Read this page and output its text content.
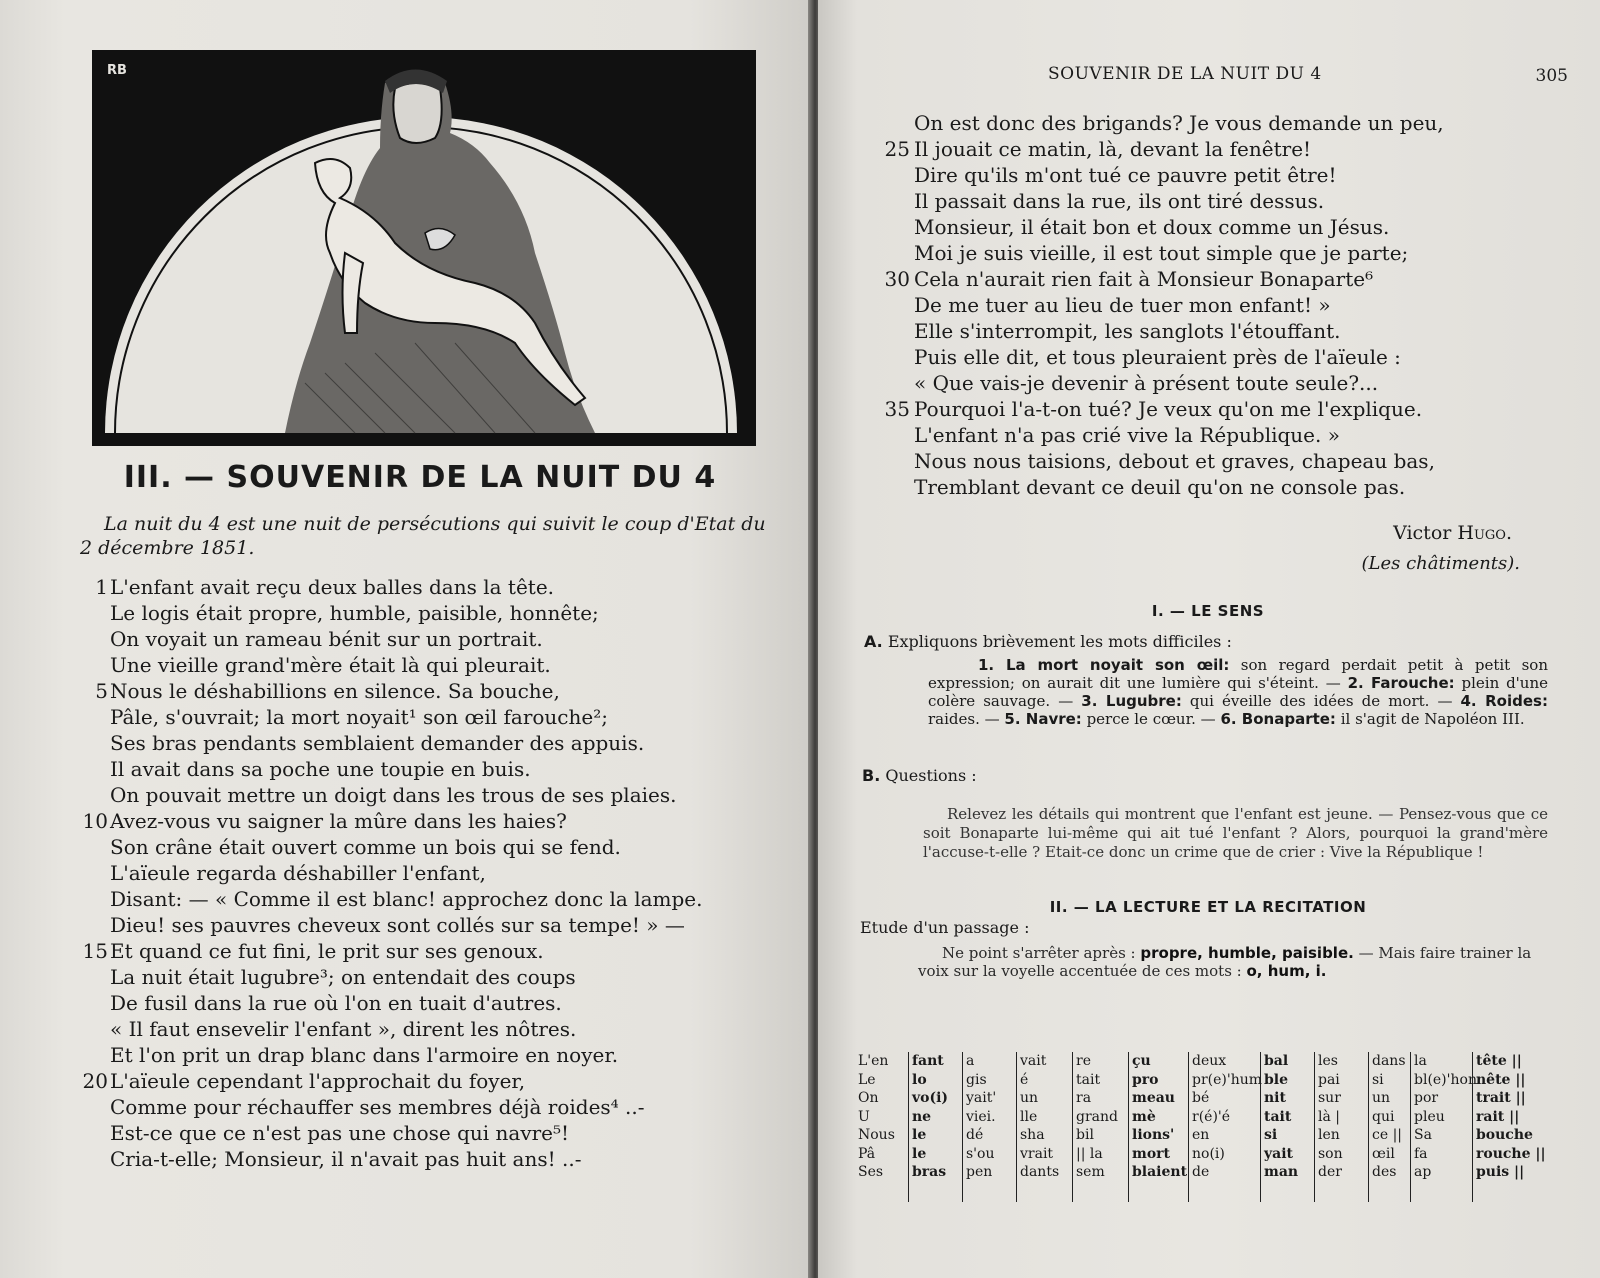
RB
III. — SOUVENIR DE LA NUIT DU 4
La nuit du 4 est une nuit de persécutions qui suivit le coup d'Etat du 2 décembre 1851.
1 L'enfant avait reçu deux balles dans la tête.
Le logis était propre, humble, paisible, honnête;
On voyait un rameau bénit sur un portrait.
Une vieille grand'mère était là qui pleurait.
5 Nous le déshabillions en silence. Sa bouche,
Pâle, s'ouvrait; la mort noyait¹ son œil farouche²;
Ses bras pendants semblaient demander des appuis.
Il avait dans sa poche une toupie en buis.
On pouvait mettre un doigt dans les trous de ses plaies.
10 Avez-vous vu saigner la mûre dans les haies?
Son crâne était ouvert comme un bois qui se fend.
L'aïeule regarda déshabiller l'enfant,
Disant: — « Comme il est blanc! approchez donc la lampe.
Dieu! ses pauvres cheveux sont collés sur sa tempe! » —
15 Et quand ce fut fini, le prit sur ses genoux.
La nuit était lugubre³; on entendait des coups
De fusil dans la rue où l'on en tuait d'autres.
« Il faut ensevelir l'enfant », dirent les nôtres.
Et l'on prit un drap blanc dans l'armoire en noyer.
20 L'aïeule cependant l'approchait du foyer,
Comme pour réchauffer ses membres déjà roides⁴ ..-
Est-ce que ce n'est pas une chose qui navre⁵!
Cria-t-elle; Monsieur, il n'avait pas huit ans! ..-
SOUVENIR DE LA NUIT DU 4	305
On est donc des brigands? Je vous demande un peu,
25 Il jouait ce matin, là, devant la fenêtre!
Dire qu'ils m'ont tué ce pauvre petit être!
Il passait dans la rue, ils ont tiré dessus.
Monsieur, il était bon et doux comme un Jésus.
Moi je suis vieille, il est tout simple que je parte;
30 Cela n'aurait rien fait à Monsieur Bonaparte⁶
De me tuer au lieu de tuer mon enfant! »
Elle s'interrompit, les sanglots l'étouffant.
Puis elle dit, et tous pleuraient près de l'aïeule :
« Que vais-je devenir à présent toute seule?...
35 Pourquoi l'a-t-on tué? Je veux qu'on me l'explique.
L'enfant n'a pas crié vive la République. »
Nous nous taisions, debout et graves, chapeau bas,
Tremblant devant ce deuil qu'on ne console pas.
Victor Hugo.
(Les châtiments).
I. — LE SENS
A. Expliquons brièvement les mots difficiles :
1. La mort noyait son œil: son regard perdait petit à petit son expression; on aurait dit une lumière qui s'éteint. — 2. Farouche: plein d'une colère sauvage. — 3. Lugubre: qui éveille des idées de mort. — 4. Roides: raides. — 5. Navre: perce le cœur. — 6. Bonaparte: il s'agit de Napoléon III.
B. Questions :
Relevez les détails qui montrent que l'enfant est jeune. — Pensez-vous que ce soit Bonaparte lui-même qui ait tué l'enfant ? Alors, pourquoi la grand'mère l'accuse-t-elle ? Etait-ce donc un crime que de crier : Vive la République !
II. — LA LECTURE ET LA RECITATION
Etude d'un passage :
Ne point s'arrêter après : propre, humble, paisible. — Mais faire trainer la voix sur la voyelle accentuée de ces mots : o, hum, i.
L'en
Le
On
U
Nous
Pâ
Ses
fant
lo
vo(i)
ne
le
le
bras
a
gis
yait'
viei.
dé
s'ou
pen
vait
é
un
lle
sha
vrait
dants
re
tait
ra
grand
bil
|| la
sem
çu
pro
meau
mè
lions'
mort
blaient
deux
pr(e)'hum
bé
r(é)'é
en
no(i)
de
bal
ble
nit
tait
si
yait
man
les
pai
sur
là |
len
son
der
dans
si
un
qui
ce ||
œil
des
la
bl(e)'hon
por
pleu
Sa
fa
ap
tête ||
nête ||
trait ||
rait ||
bouche
rouche ||
puis ||
